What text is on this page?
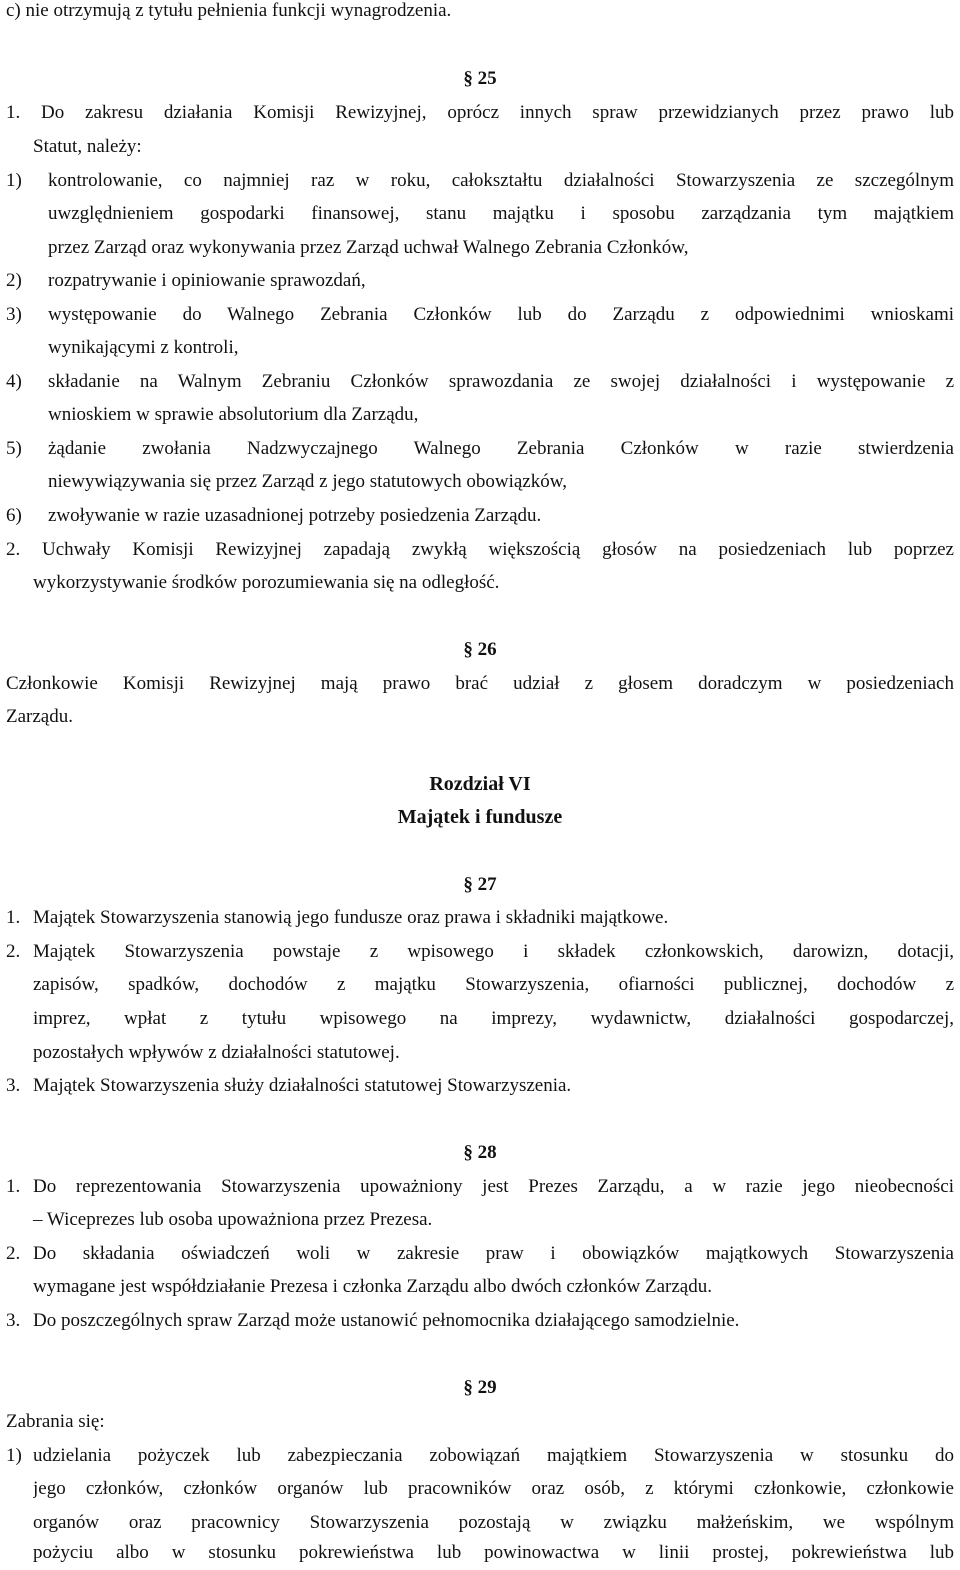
c) nie otrzymują z tytułu pełnienia funkcji wynagrodzenia.

§ 25

1. Do zakresu działania Komisji Rewizyjnej, oprócz innych spraw przewidzianych przez prawo lub

Statut, należy:

1) kontrolowanie, co najmniej raz w roku, całokształtu działalności Stowarzyszenia ze szczególnym

uwzględnieniem gospodarki finansowej, stanu majątku i sposobu zarządzania tym majątkiem

przez Zarząd oraz wykonywania przez Zarząd uchwał Walnego Zebrania Członków,

2) rozpatrywanie i opiniowanie sprawozdań,

3) występowanie do Walnego Zebrania Członków lub do Zarządu z odpowiednimi wnioskami

wynikającymi z kontroli,

4) składanie na Walnym Zebraniu Członków sprawozdania ze swojej działalności i występowanie z

wnioskiem w sprawie absolutorium dla Zarządu,

5) żądanie zwołania Nadzwyczajnego Walnego Zebrania Członków w razie stwierdzenia

niewywiązywania się przez Zarząd z jego statutowych obowiązków,

6) zwoływanie w razie uzasadnionej potrzeby posiedzenia Zarządu.

2. Uchwały Komisji Rewizyjnej zapadają zwykłą większością głosów na posiedzeniach lub poprzez

wykorzystywanie środków porozumiewania się na odległość.

§ 26

Członkowie Komisji Rewizyjnej mają prawo brać udział z głosem doradczym w posiedzeniach

Zarządu.

Rozdział VI

Majątek i fundusze

§ 27

1. Majątek Stowarzyszenia stanowią jego fundusze oraz prawa i składniki majątkowe.

2. Majątek Stowarzyszenia powstaje z wpisowego i składek członkowskich, darowizn, dotacji,

zapisów, spadków, dochodów z majątku Stowarzyszenia, ofiarności publicznej, dochodów z

imprez, wpłat z tytułu wpisowego na imprezy, wydawnictw, działalności gospodarczej,

pozostałych wpływów z działalności statutowej.

3. Majątek Stowarzyszenia służy działalności statutowej Stowarzyszenia.

§ 28

1. Do reprezentowania Stowarzyszenia upoważniony jest Prezes Zarządu, a w razie jego nieobecności

– Wiceprezes lub osoba upoważniona przez Prezesa.

2. Do składania oświadczeń woli w zakresie praw i obowiązków majątkowych Stowarzyszenia

wymagane jest współdziałanie Prezesa i członka Zarządu albo dwóch członków Zarządu.

3. Do poszczególnych spraw Zarząd może ustanowić pełnomocnika działającego samodzielnie.

§ 29

Zabrania się:

1) udzielania pożyczek lub zabezpieczania zobowiązań majątkiem Stowarzyszenia w stosunku do

jego członków, członków organów lub pracowników oraz osób, z którymi członkowie, członkowie

organów oraz pracownicy Stowarzyszenia pozostają w związku małżeńskim, we wspólnym

pożyciu albo w stosunku pokrewieństwa lub powinowactwa w linii prostej, pokrewieństwa lub
